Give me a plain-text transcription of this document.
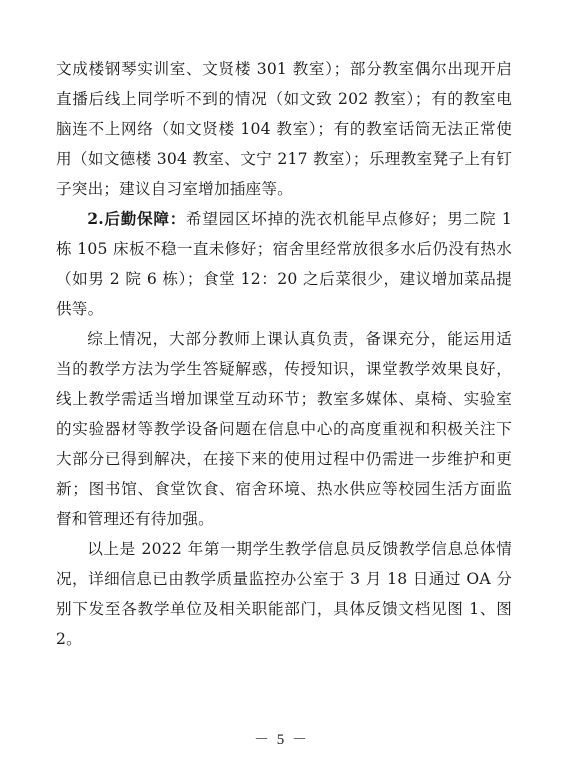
文成楼钢琴实训室、文贤楼 301 教室）；部分教室偶尔出现开启直播后线上同学听不到的情况（如文致 202 教室）；有的教室电脑连不上网络（如文贤楼 104 教室）；有的教室话筒无法正常使用（如文德楼 304 教室、文宁 217 教室）；乐理教室凳子上有钉子突出；建议自习室增加插座等。

2.后勤保障：希望园区坏掉的洗衣机能早点修好；男二院 1 栋 105 床板不稳一直未修好；宿舍里经常放很多水后仍没有热水（如男 2 院 6 栋）；食堂 12：20 之后菜很少，建议增加菜品提供等。

综上情况，大部分教师上课认真负责，备课充分，能运用适当的教学方法为学生答疑解惑，传授知识，课堂教学效果良好，线上教学需适当增加课堂互动环节；教室多媒体、桌椅、实验室的实验器材等教学设备问题在信息中心的高度重视和积极关注下大部分已得到解决，在接下来的使用过程中仍需进一步维护和更新；图书馆、食堂饮食、宿舍环境、热水供应等校园生活方面监督和管理还有待加强。

以上是 2022 年第一期学生教学信息员反馈教学信息总体情况，详细信息已由教学质量监控办公室于 3 月 18 日通过 OA 分别下发至各教学单位及相关职能部门，具体反馈文档见图 1、图 2。

－ 5 －
